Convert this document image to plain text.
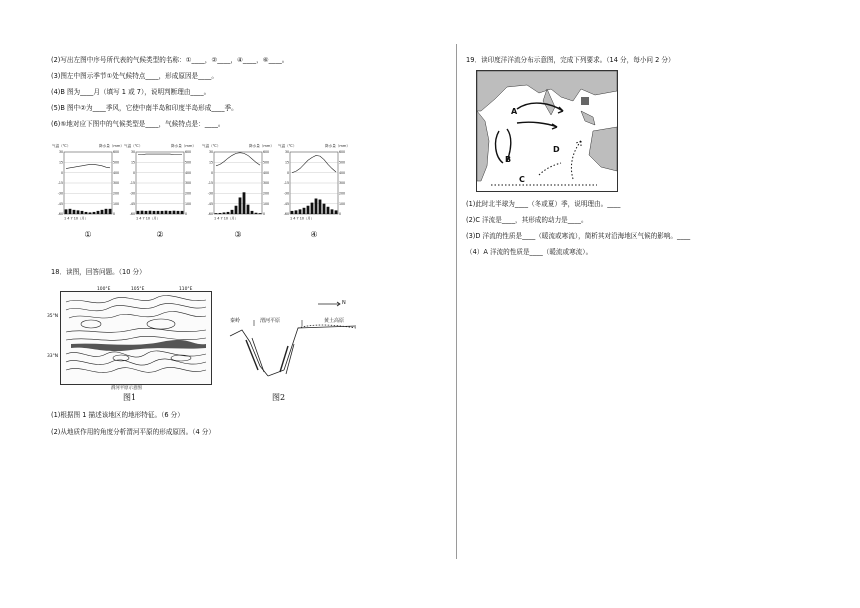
(2)写出左图中序号所代表的气候类型的名称：①____，②____，④____，⑥____。
(3)图左中图示季节①处气候特点____，形成原因是____。
(4)B 图为____月（填写 1 或 7），说明判断理由____。
(5)B 图中②为____季风，它使中南半岛和印度半岛形成____季。
(6)⑤地对应下图中的气候类型是____，气候特点是：____。
气温（℃）	降水量（mm）
30	600
15	500
0	400
-15	300
-30	200
-45	100
-60	0
1 4 7 10（月）
①
气温（℃）	降水量（mm）
30	600
15	500
0	400
-15	300
-30	200
-45	100
-60	0
1 4 7 10（月）
②
气温（℃）	降水量（mm）
30	600
15	500
0	400
-15	300
-30	200
-45	100
-60	0
1 4 7 10（月）
③
气温（℃）	降水量（mm）
30	600
15	500
0	400
-15	300
-30	200
-45	100
-60	0
1 4 7 10（月）
④
18．读图，回答问题。（10 分）
100°E	105°E	110°E
35°N
33°N
渭河平原示意图
图1
秦岭	渭河平原	黄土高原
N
图2
(1)根据图 1 描述该地区的地形特征。（6 分）
(2)从地质作用的角度分析渭河平原的形成原因。（4 分）
19．读印度洋洋流分布示意图，完成下列要求。（14 分，每小问 2 分）
A
B
C
D
(1)此时北半球为____（冬或夏）季，说明理由。____
(2)C 洋流是____，其形成的动力是____。
(3)D 洋流的性质是____（暖流或寒流），简析其对沿海地区气候的影响。____
（4）A 洋流的性质是____（暖流或寒流）。
